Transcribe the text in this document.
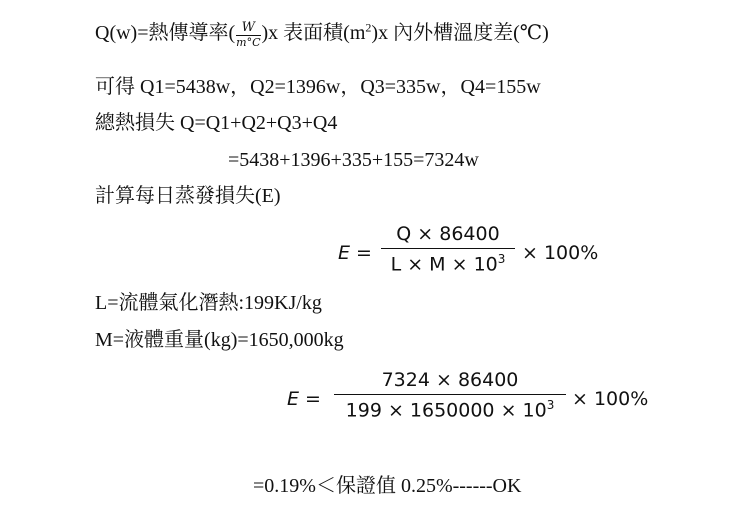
Q(w)=熱傳導率( $\frac{W}{m^\circ C} )x$ 表面積$(m^2)x$ 內外槽溫度差(℃)
可得 Q1=5438w，Q2=1396w，Q3=335w，Q4=155w
總熱損失 Q=Q1+Q2+Q3+Q4
=5438+1396+335+155=7324w
計算每日蒸發損失(E)
E =
Q × 86400
$L \times M \times 10^3 \times 100\%$
L=流體氣化潛熱:199KJ/kg
M=液體重量(kg)=1650,000kg
E =
7324 × 86400
$199 \times 1650000 \times 10^3 \times 100\%$
=0.19%＜保證值 0.25%------OK
